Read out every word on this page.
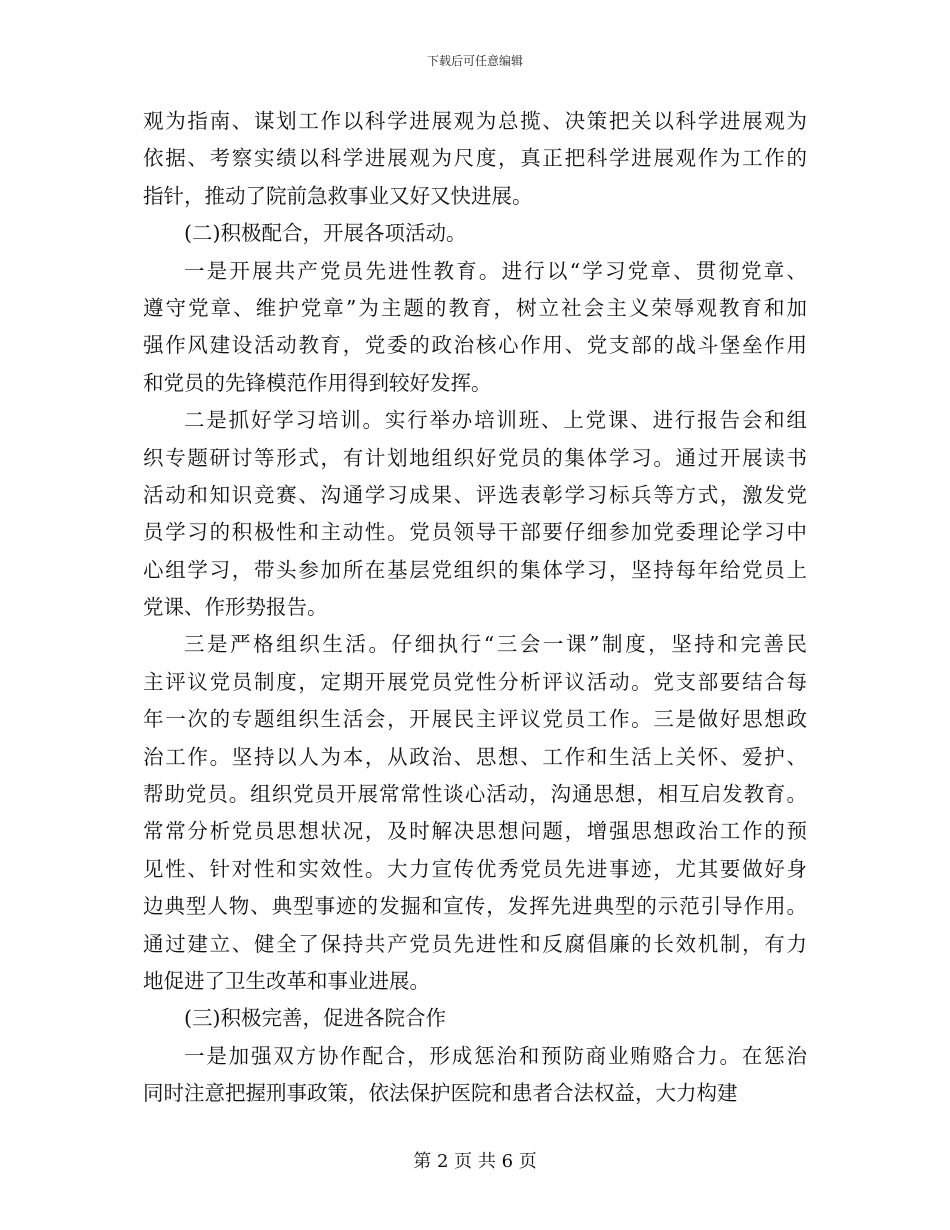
下载后可任意编辑
观为指南、谋划工作以科学进展观为总揽、决策把关以科学进展观为
依据、考察实绩以科学进展观为尺度，真正把科学进展观作为工作的
指针，推动了院前急救事业又好又快进展。
(二)积极配合，开展各项活动。
一是开展共产党员先进性教育。进行以“学习党章、贯彻党章、
遵守党章、维护党章”为主题的教育，树立社会主义荣辱观教育和加
强作风建设活动教育，党委的政治核心作用、党支部的战斗堡垒作用
和党员的先锋模范作用得到较好发挥。
二是抓好学习培训。实行举办培训班、上党课、进行报告会和组
织专题研讨等形式，有计划地组织好党员的集体学习。通过开展读书
活动和知识竞赛、沟通学习成果、评选表彰学习标兵等方式，激发党
员学习的积极性和主动性。党员领导干部要仔细参加党委理论学习中
心组学习，带头参加所在基层党组织的集体学习，坚持每年给党员上
党课、作形势报告。
三是严格组织生活。仔细执行“三会一课”制度，坚持和完善民
主评议党员制度，定期开展党员党性分析评议活动。党支部要结合每
年一次的专题组织生活会，开展民主评议党员工作。三是做好思想政
治工作。坚持以人为本，从政治、思想、工作和生活上关怀、爱护、
帮助党员。组织党员开展常常性谈心活动，沟通思想，相互启发教育。
常常分析党员思想状况，及时解决思想问题，增强思想政治工作的预
见性、针对性和实效性。大力宣传优秀党员先进事迹，尤其要做好身
边典型人物、典型事迹的发掘和宣传，发挥先进典型的示范引导作用。
通过建立、健全了保持共产党员先进性和反腐倡廉的长效机制，有力
地促进了卫生改革和事业进展。
(三)积极完善，促进各院合作
一是加强双方协作配合，形成惩治和预防商业贿赂合力。在惩治
同时注意把握刑事政策，依法保护医院和患者合法权益，大力构建
第 2 页 共 6 页
